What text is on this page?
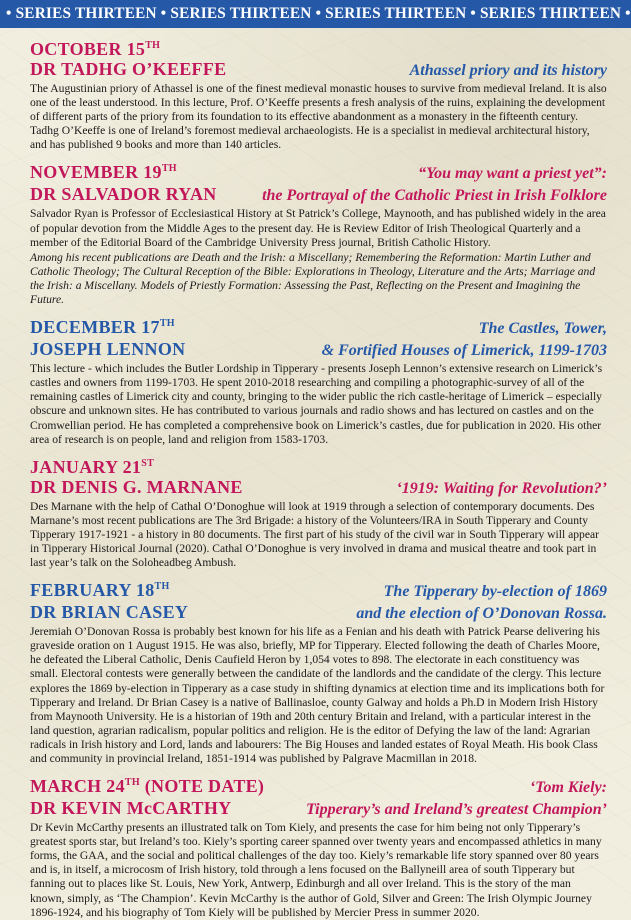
• SERIES THIRTEEN • SERIES THIRTEEN • SERIES THIRTEEN • SERIES THIRTEEN •
OCTOBER 15TH
DR TADHG O’KEEFFE	Athassel priory and its history

The Augustinian priory of Athassel is one of the finest medieval monastic houses to survive from medieval Ireland. It is also one of the least understood. In this lecture, Prof. O’Keeffe presents a fresh analysis of the ruins, explaining the development of different parts of the priory from its foundation to its effective abandonment as a monastery in the fifteenth century. Tadhg O’Keeffe is one of Ireland’s foremost medieval archaeologists. He is a specialist in medieval architectural history, and has published 9 books and more than 140 articles.

NOVEMBER 19TH	“You may want a priest yet”:
DR SALVADOR RYAN	the Portrayal of the Catholic Priest in Irish Folklore

Salvador Ryan is Professor of Ecclesiastical History at St Patrick’s College, Maynooth, and has published widely in the area of popular devotion from the Middle Ages to the present day. He is Review Editor of Irish Theological Quarterly and a member of the Editorial Board of the Cambridge University Press journal, British Catholic History.

Among his recent publications are Death and the Irish: a Miscellany; Remembering the Reformation: Martin Luther and Catholic Theology; The Cultural Reception of the Bible: Explorations in Theology, Literature and the Arts; Marriage and the Irish: a Miscellany. Models of Priestly Formation: Assessing the Past, Reflecting on the Present and Imagining the Future.

DECEMBER 17TH	The Castles, Tower,
JOSEPH LENNON	& Fortified Houses of Limerick, 1199-1703

This lecture - which includes the Butler Lordship in Tipperary - presents Joseph Lennon’s extensive research on Limerick’s castles and owners from 1199-1703. He spent 2010-2018 researching and compiling a photographic-survey of all of the remaining castles of Limerick city and county, bringing to the wider public the rich castle-heritage of Limerick – especially obscure and unknown sites. He has contributed to various journals and radio shows and has lectured on castles and on the Cromwellian period. He has completed a comprehensive book on Limerick’s castles, due for publication in 2020. His other area of research is on people, land and religion from 1583-1703.

JANUARY 21ST
DR DENIS G. MARNANE	‘1919: Waiting for Revolution?’

Des Marnane with the help of Cathal O’Donoghue will look at 1919 through a selection of contemporary documents. Des Marnane’s most recent publications are The 3rd Brigade: a history of the Volunteers/IRA in South Tipperary and County Tipperary 1917-1921 - a history in 80 documents. The first part of his study of the civil war in South Tipperary will appear in Tipperary Historical Journal (2020). Cathal O’Donoghue is very involved in drama and musical theatre and took part in last year’s talk on the Soloheadbeg Ambush.

FEBRUARY 18TH	The Tipperary by-election of 1869
DR BRIAN CASEY	and the election of O’Donovan Rossa.

Jeremiah O’Donovan Rossa is probably best known for his life as a Fenian and his death with Patrick Pearse delivering his graveside oration on 1 August 1915. He was also, briefly, MP for Tipperary. Elected following the death of Charles Moore, he defeated the Liberal Catholic, Denis Caufield Heron by 1,054 votes to 898. The electorate in each constituency was small. Electoral contests were generally between the candidate of the landlords and the candidate of the clergy. This lecture explores the 1869 by-election in Tipperary as a case study in shifting dynamics at election time and its implications both for Tipperary and Ireland. Dr Brian Casey is a native of Ballinasloe, county Galway and holds a Ph.D in Modern Irish History from Maynooth University. He is a historian of 19th and 20th century Britain and Ireland, with a particular interest in the land question, agrarian radicalism, popular politics and religion. He is the editor of Defying the law of the land: Agrarian radicals in Irish history and Lord, lands and labourers: The Big Houses and landed estates of Royal Meath. His book Class and community in provincial Ireland, 1851-1914 was published by Palgrave Macmillan in 2018.

MARCH 24TH (NOTE DATE)	‘Tom Kiely:
DR KEVIN McCARTHY	Tipperary’s and Ireland’s greatest Champion’

Dr Kevin McCarthy presents an illustrated talk on Tom Kiely, and presents the case for him being not only Tipperary’s greatest sports star, but Ireland’s too. Kiely’s sporting career spanned over twenty years and encompassed athletics in many forms, the GAA, and the social and political challenges of the day too. Kiely’s remarkable life story spanned over 80 years and is, in itself, a microcosm of Irish history, told through a lens focused on the Ballyneill area of south Tipperary but fanning out to places like St. Louis, New York, Antwerp, Edinburgh and all over Ireland. This is the story of the man known, simply, as ‘The Champion’. Kevin McCarthy is the author of Gold, Silver and Green: The Irish Olympic Journey 1896-1924, and his biography of Tom Kiely will be published by Mercier Press in summer 2020.
